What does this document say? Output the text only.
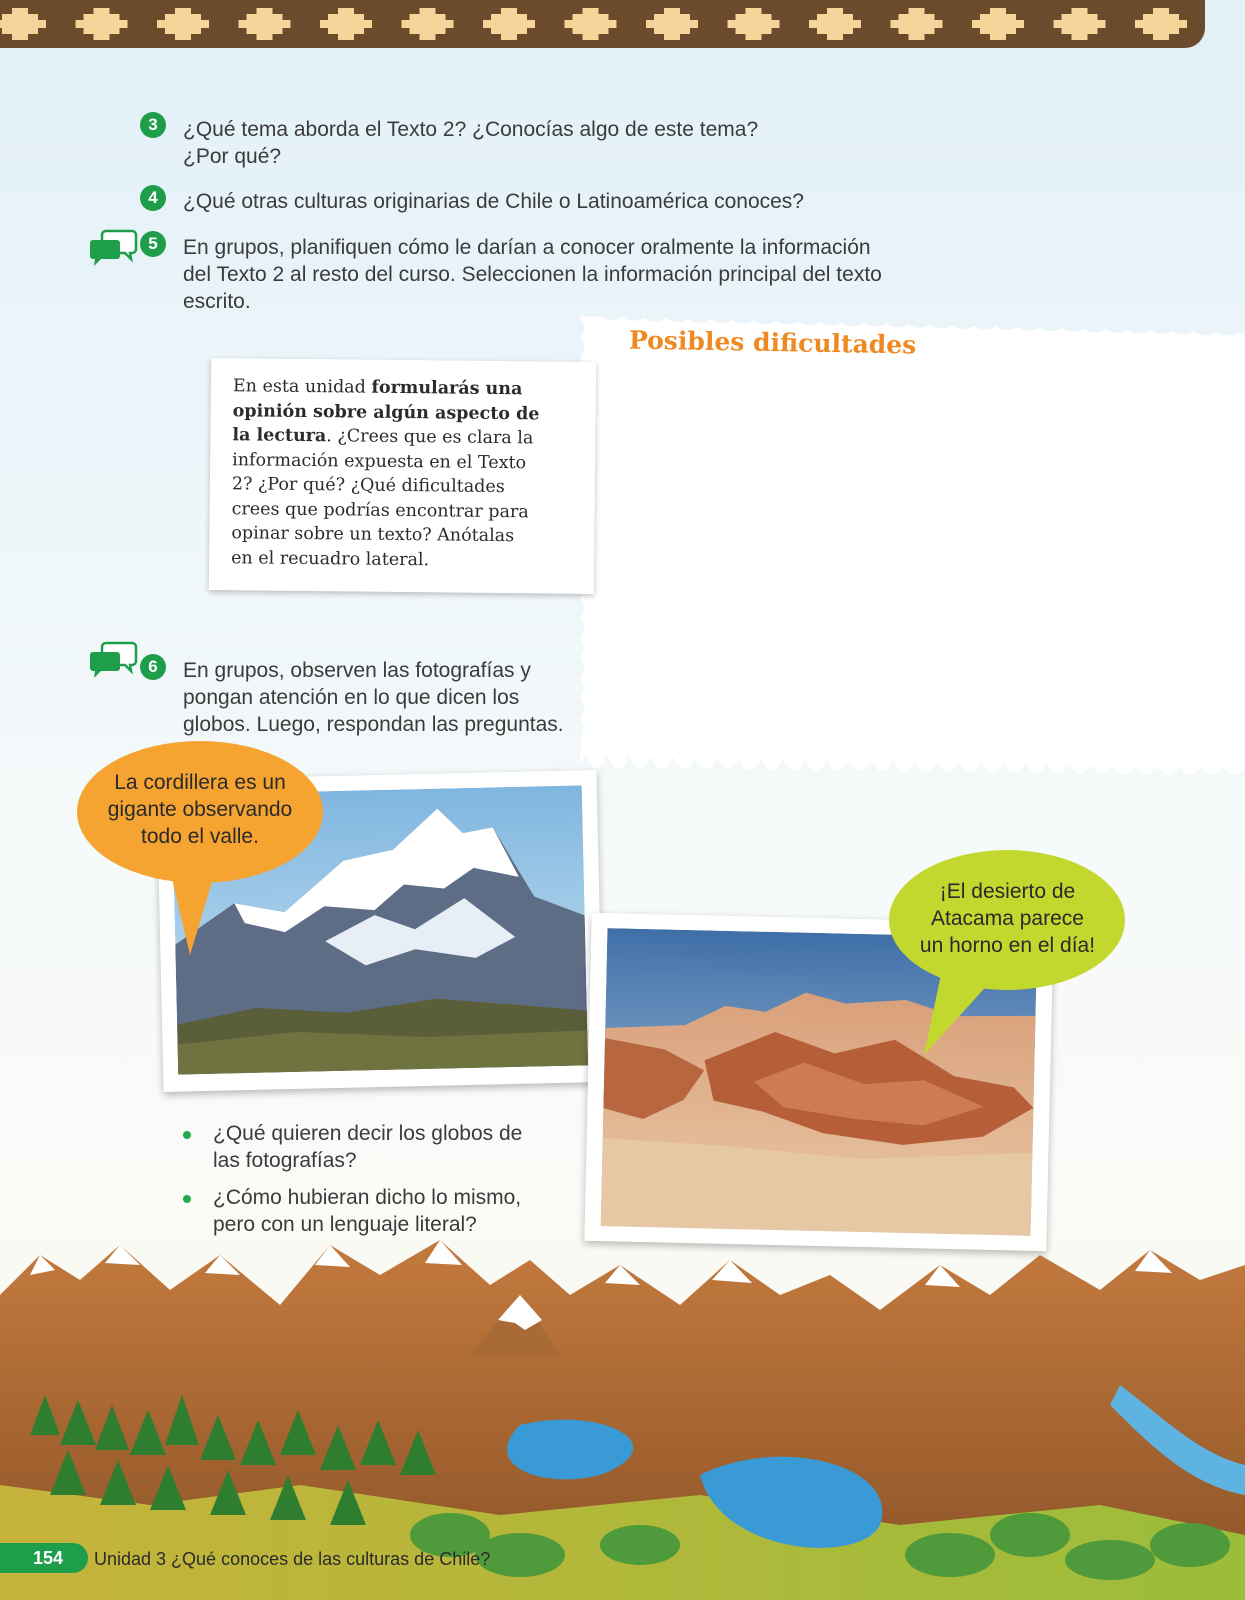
3	¿Qué tema aborda el Texto 2? ¿Conocías algo de este tema?
¿Por qué?
4	¿Qué otras culturas originarias de Chile o Latinoamérica conoces?
5	En grupos, planifiquen cómo le darían a conocer oralmente la información
del Texto 2 al resto del curso. Seleccionen la información principal del texto
escrito.
Posibles dificultades
En esta unidad formularás una
opinión sobre algún aspecto de
la lectura. ¿Crees que es clara la
información expuesta en el Texto
2? ¿Por qué? ¿Qué dificultades
crees que podrías encontrar para
opinar sobre un texto? Anótalas
en el recuadro lateral.
6	En grupos, observen las fotografías y
pongan atención en lo que dicen los
globos. Luego, respondan las preguntas.
La cordillera es un
gigante observando
todo el valle.
¡El desierto de
Atacama parece
un horno en el día!
¿Qué quieren decir los globos de
las fotografías?
¿Cómo hubieran dicho lo mismo,
pero con un lenguaje literal?
154	Unidad 3 ¿Qué conoces de las culturas de Chile?
